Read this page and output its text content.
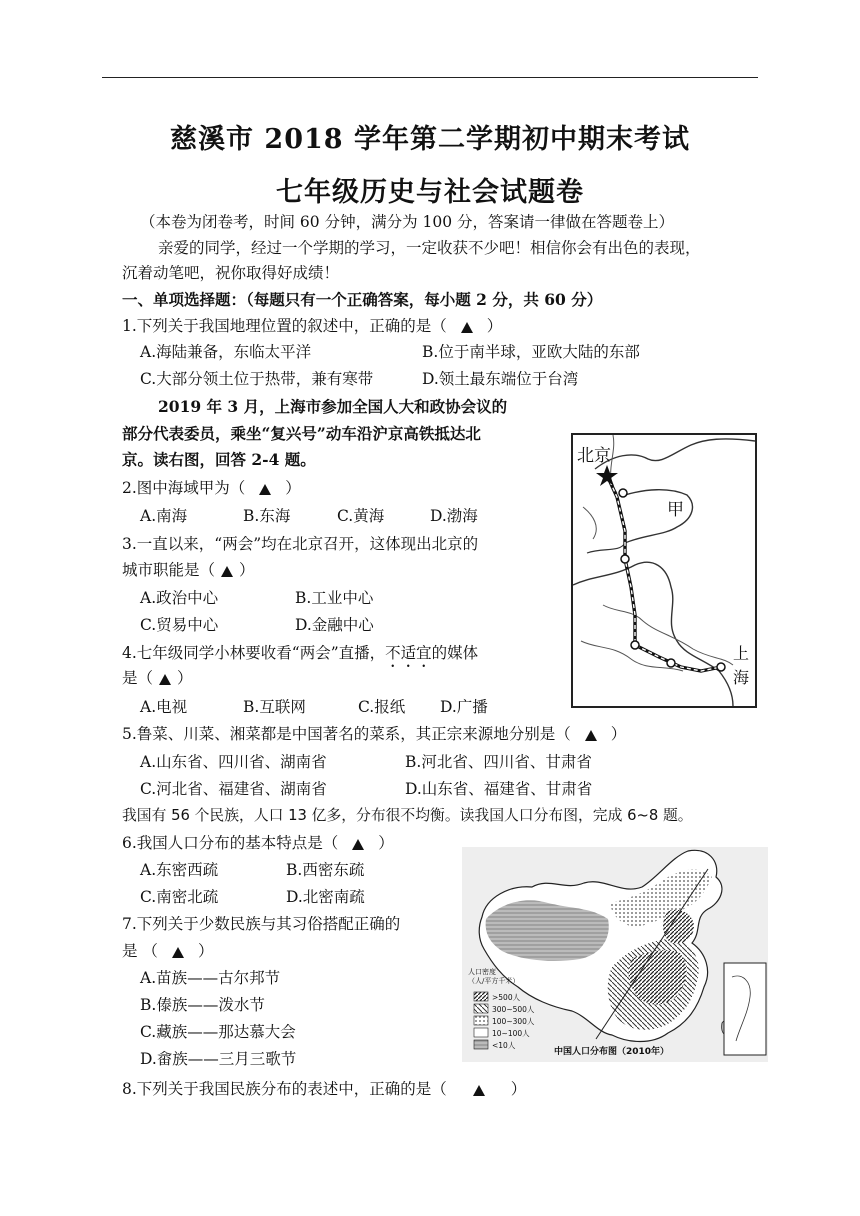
慈溪市 2018 学年第二学期初中期末考试
七年级历史与社会试题卷
（本卷为闭卷考，时间 60 分钟，满分为 100 分，答案请一律做在答题卷上）
亲爱的同学，经过一个学期的学习，一定收获不少吧！相信你会有出色的表现，
沉着动笔吧，祝你取得好成绩！
一、单项选择题：（每题只有一个正确答案，每小题 2 分，共 60 分）
1.下列关于我国地理位置的叙述中，正确的是（	）
A.海陆兼备，东临太平洋	B.位于南半球，亚欧大陆的东部
C.大部分领土位于热带，兼有寒带	D.领土最东端位于台湾
2019 年 3 月，上海市参加全国人大和政协会议的
部分代表委员，乘坐“复兴号”动车沿沪京高铁抵达北
京。读右图，回答 2-4 题。
2.图中海域甲为（	）
A.南海	B.东海	C.黄海	D.渤海
3.一直以来，“两会”均在北京召开，这体现出北京的
城市职能是（ ）
A.政治中心	B.工业中心
C.贸易中心	D.金融中心
4.七年级同学小林要收看“两会”直播，不适宜的媒体
是（ ）
A.电视	B.互联网	C.报纸 D.广播
5.鲁菜、川菜、湘菜都是中国著名的菜系，其正宗来源地分别是（	）
A.山东省、四川省、湖南省	B.河北省、四川省、甘肃省
C.河北省、福建省、湖南省	D.山东省、福建省、甘肃省
我国有 56 个民族，人口 13 亿多，分布很不均衡。读我国人口分布图，完成 6~8 题。
6.我国人口分布的基本特点是（	）
A.东密西疏	B.西密东疏
C.南密北疏	D.北密南疏
7.下列关于少数民族与其习俗搭配正确的
是 （	）
A.苗族——古尔邦节
B.傣族——泼水节
C.藏族——那达慕大会
D.畲族——三月三歌节
8.下列关于我国民族分布的表述中，正确的是（	）
北京
甲
上
海
人口密度
（人/平方千米）
>500人
300~500人
100~300人
10~100人
<10人
中国人口分布图（2010年）
